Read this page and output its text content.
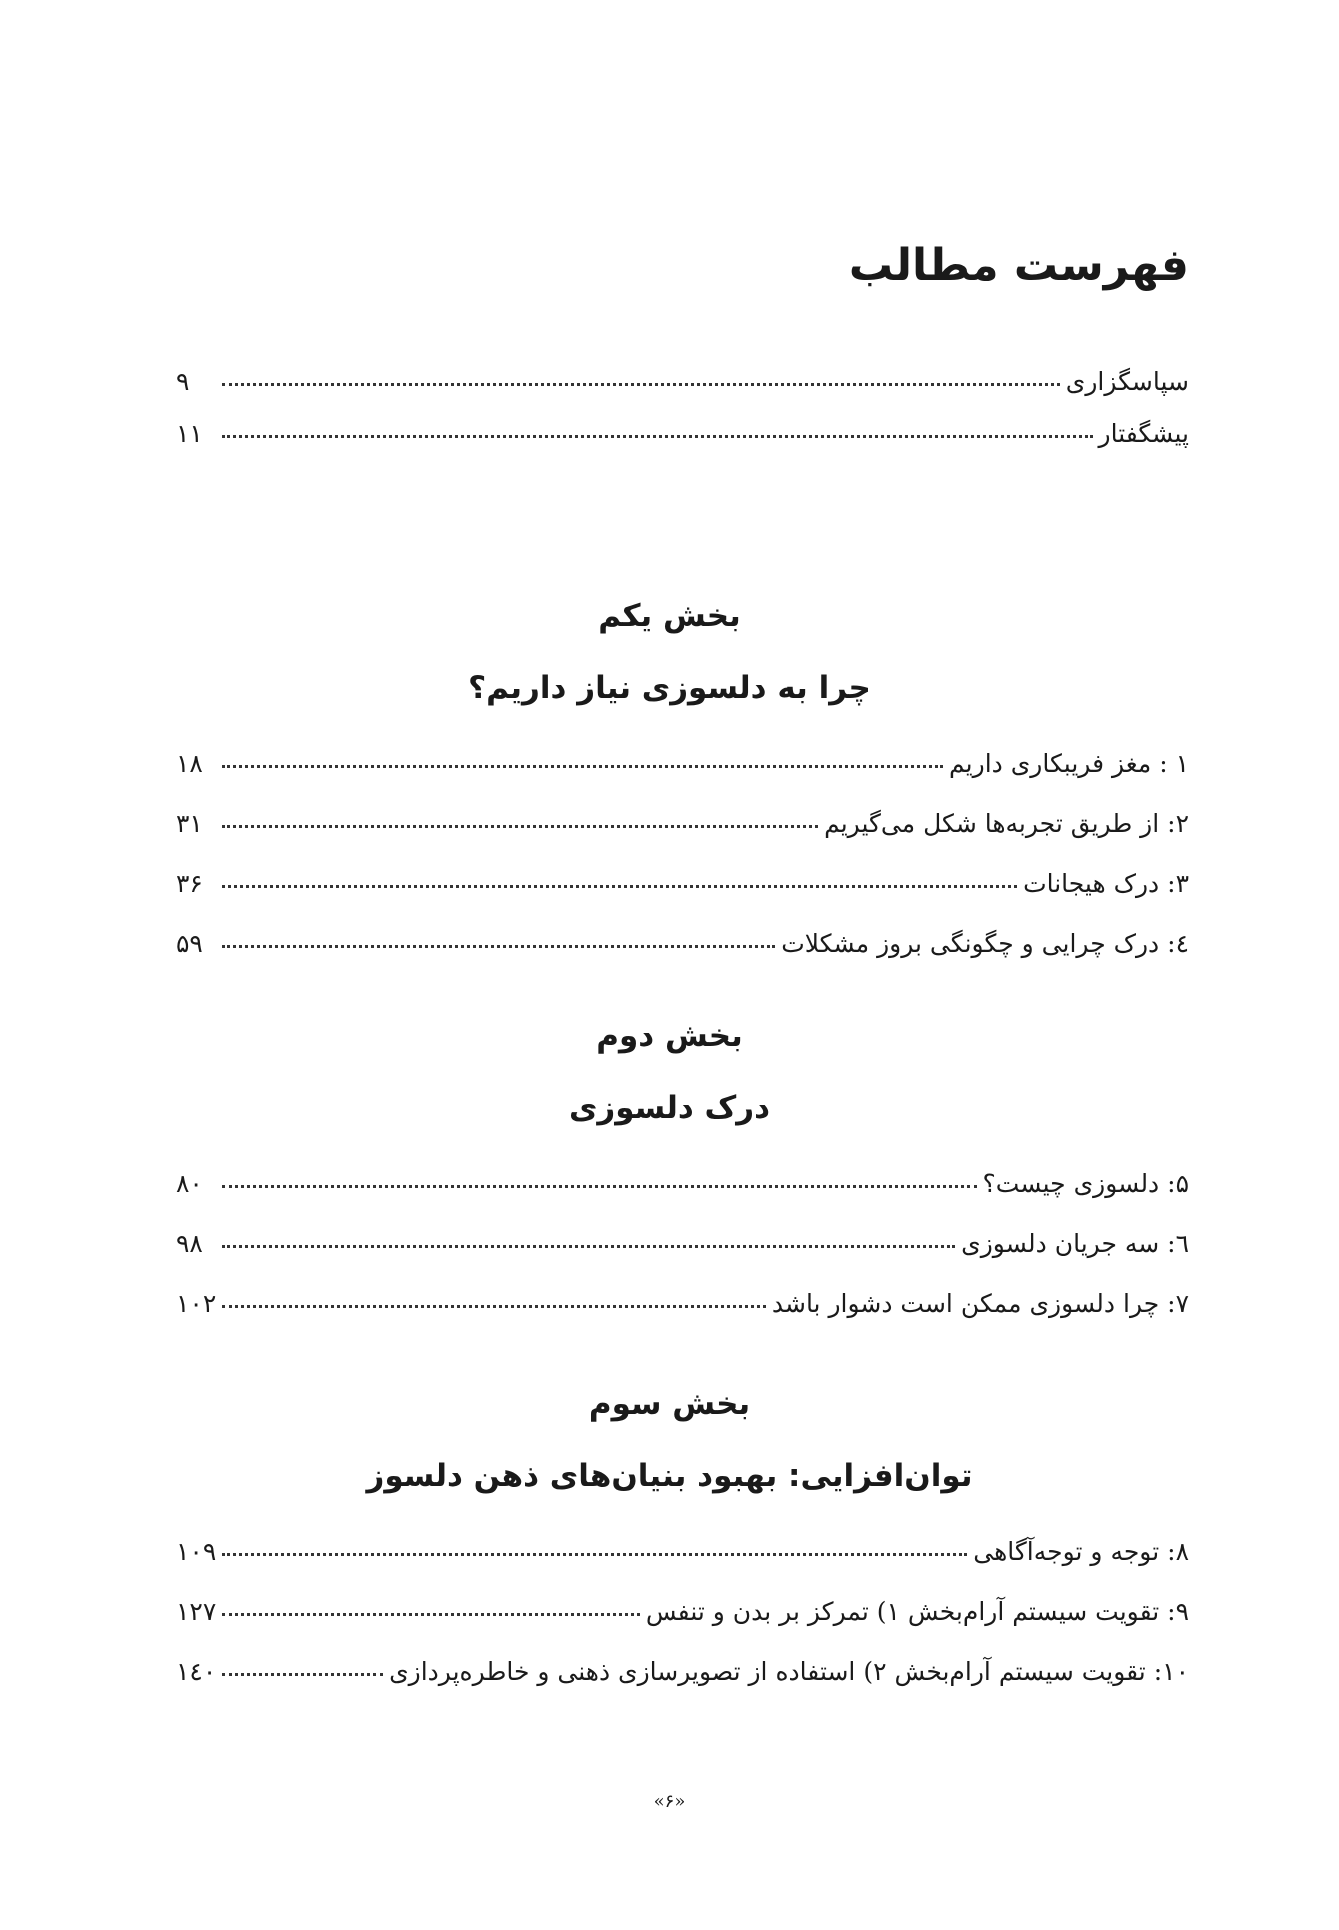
فهرست مطالب
سپاسگزاری
۹
پیشگفتار
۱۱
بخش یکم
چرا به دلسوزی نیاز داریم؟
۱ : مغز فریبکاری داریم
۱۸
۲: از طریق تجربه‌ها شکل می‌گیریم
۳۱
۳: درک هیجانات
۳۶
٤: درک چرایی و چگونگی بروز مشکلات
۵۹
بخش دوم
درک دلسوزی
۵: دلسوزی چیست؟
۸۰
٦: سه جریان دلسوزی
۹۸
۷: چرا دلسوزی ممکن است دشوار باشد
۱۰۲
بخش سوم
توان‌افزایی: بهبود بنیان‌های ذهن دلسوز
۸: توجه و توجه‌آگاهی
۱۰۹
۹: تقویت سیستم آرام‌بخش ۱) تمرکز بر بدن و تنفس
۱۲۷
۱۰: تقویت سیستم آرام‌بخش ۲) استفاده از تصویرسازی ذهنی و خاطره‌پردازی
۱٤۰
«۶»
